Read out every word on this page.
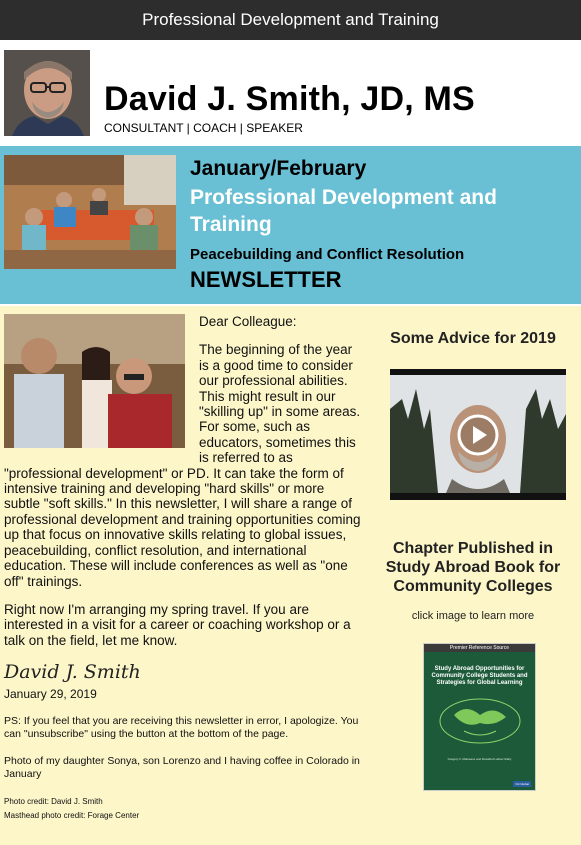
Professional Development and Training
David J. Smith, JD, MS
CONSULTANT | COACH | SPEAKER
January/February
Professional Development and Training
Peacebuilding and Conflict Resolution
NEWSLETTER

Dear Colleague:

The beginning of the year is a good time to consider our professional abilities. This might result in our "skilling up" in some areas. For some, such as educators, sometimes this is referred to as "professional development" or PD. It can take the form of intensive training and developing "hard skills" or more subtle "soft skills." In this newsletter, I will share a range of professional development and training opportunities coming up that focus on innovative skills relating to global issues, peacebuilding, conflict resolution, and international education. These will include conferences as well as "one off" trainings.

Right now I'm arranging my spring travel. If you are interested in a visit for a career or coaching workshop or a talk on the field, let me know.

David J. Smith
January 29, 2019
PS: If you feel that you are receiving this newsletter in error, I apologize. You can "unsubscribe" using the button at the bottom of the page.
Photo of my daughter Sonya, son Lorenzo and I having coffee in Colorado in January
Photo credit: David J. Smith
Masthead photo credit: Forage Center
Some Advice for 2019
Chapter Published in Study Abroad Book for Community Colleges
click image to learn more
Premier Reference Source
Study Abroad Opportunities for Community College Students and Strategies for Global Learning
Gregory F. Malveaux and Rosalind Latiner Raby
IGI Global
